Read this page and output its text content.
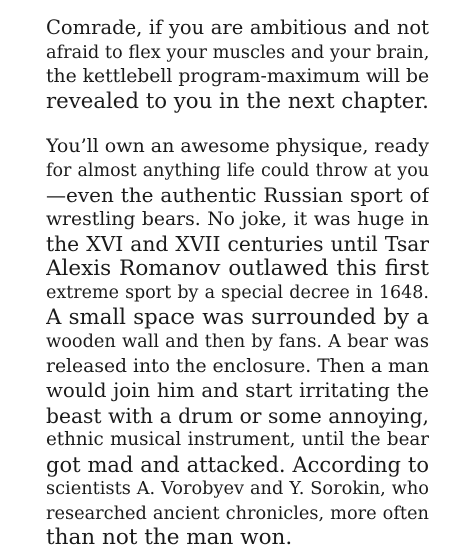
Comrade, if you are ambitious and not
afraid to flex your muscles and your brain,
the kettlebell program-maximum will be
revealed to you in the next chapter.

You’ll own an awesome physique, ready
for almost anything life could throw at you
—even the authentic Russian sport of
wrestling bears. No joke, it was huge in
the XVI and XVII centuries until Tsar
Alexis Romanov outlawed this first
extreme sport by a special decree in 1648.
A small space was surrounded by a
wooden wall and then by fans. A bear was
released into the enclosure. Then a man
would join him and start irritating the
beast with a drum or some annoying,
ethnic musical instrument, until the bear
got mad and attacked. According to
scientists A. Vorobyev and Y. Sorokin, who
researched ancient chronicles, more often
than not the man won.
